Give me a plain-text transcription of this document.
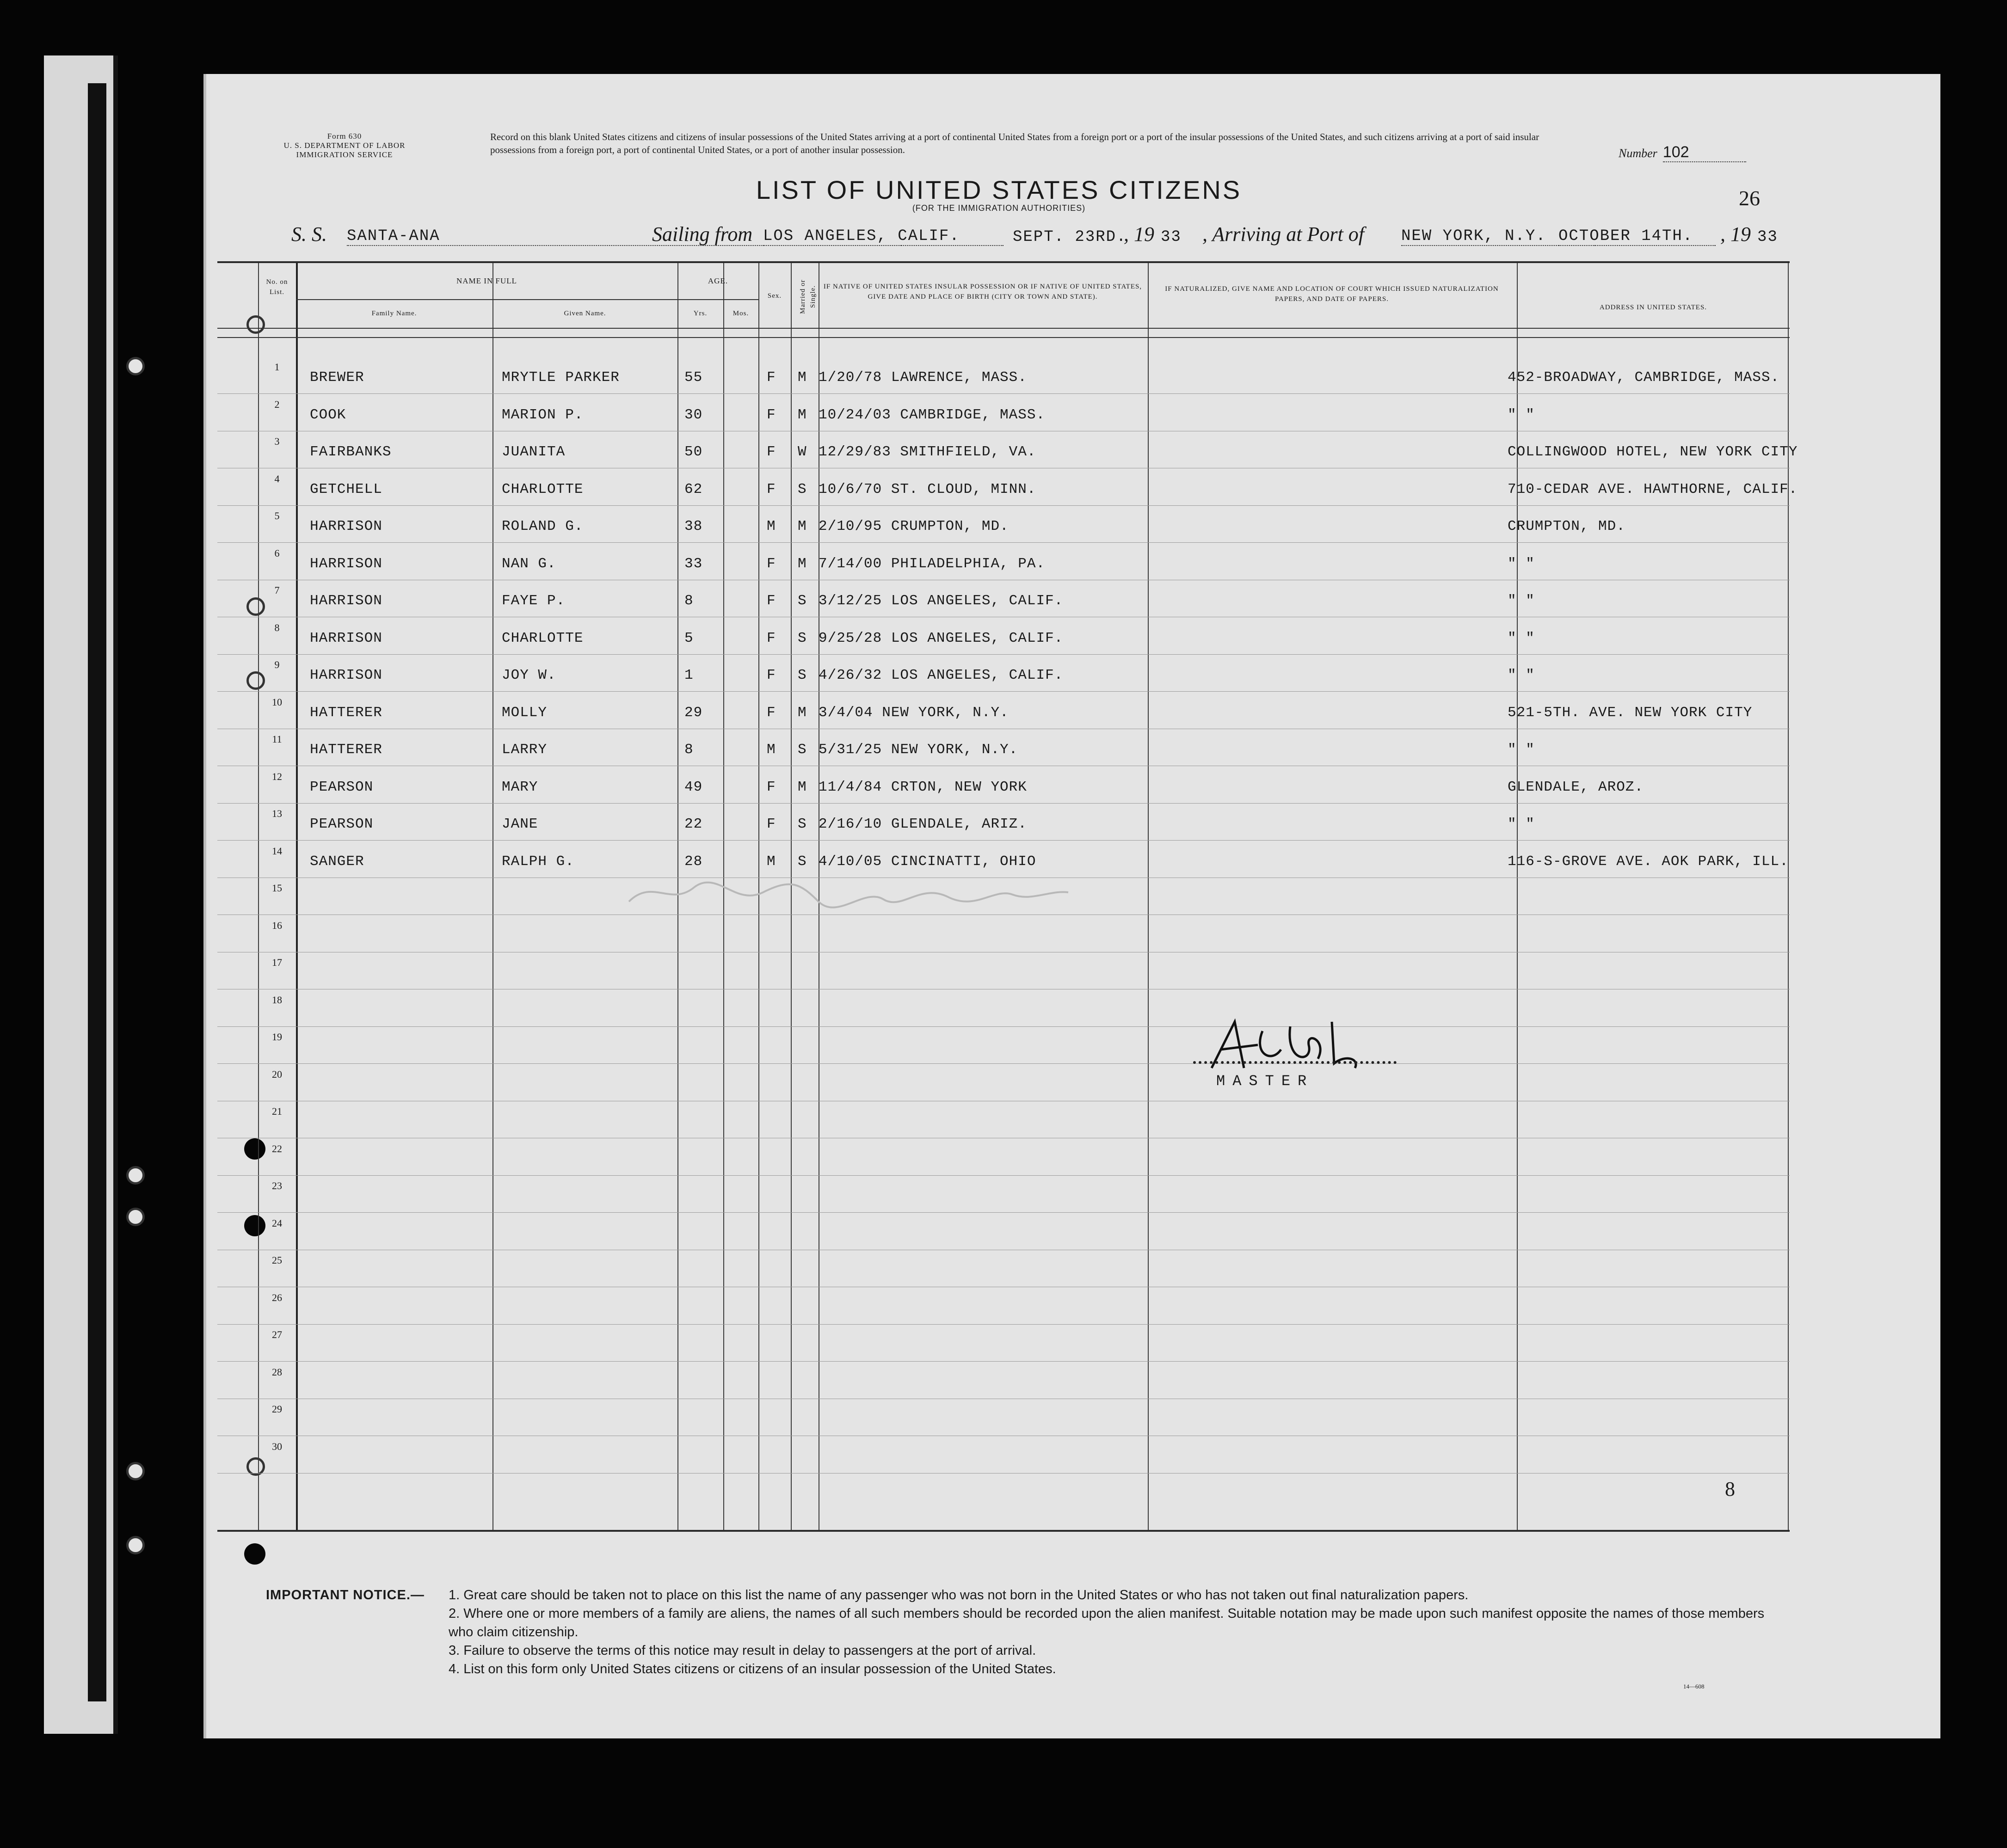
Form 630
U. S. DEPARTMENT OF LABOR
IMMIGRATION SERVICE
Record on this blank United States citizens and citizens of insular possessions of the United States arriving at a port of continental United States from a foreign port or a port of the insular possessions of the United States, and such citizens arriving at a port of said insular possessions from a foreign port, a port of continental United States, or a port of another insular possession.	Number 102
LIST OF UNITED STATES CITIZENS
(FOR THE IMMIGRATION AUTHORITIES)	26
S. S. SANTA-ANA	Sailing from LOS ANGELES, CALIF.	SEPT. 23RD.
, 19 33 , Arriving at Port of NEW YORK, N.Y. OCTOBER 14TH.	, 19 33
No. on List.
NAME IN FULL
Family Name.	Given Name.
AGE.
Yrs.	Mos.
Sex.	Married or Single. IF NATIVE OF UNITED STATES INSULAR POSSESSION OR IF NATIVE OF UNITED STATES, GIVE DATE AND PLACE OF BIRTH (CITY OR TOWN AND STATE).
IF NATURALIZED, GIVE NAME AND LOCATION OF COURT WHICH ISSUED NATURALIZATION PAPERS, AND DATE OF PAPERS.
ADDRESS IN UNITED STATES.
1
BREWER	MRYTLE PARKER	55	F M 1/20/78 LAWRENCE, MASS.	452-BROADWAY, CAMBRIDGE, MASS.
2
COOK	MARION P.	30	F M 10/24/03 CAMBRIDGE, MASS.	" "
3
FAIRBANKS	JUANITA	50	F W 12/29/83 SMITHFIELD, VA.	COLLINGWOOD HOTEL, NEW YORK CITY
4
GETCHELL	CHARLOTTE	62	F S 10/6/70 ST. CLOUD, MINN.	710-CEDAR AVE. HAWTHORNE, CALIF.
5
HARRISON	ROLAND G.	38	M M 2/10/95 CRUMPTON, MD.	CRUMPTON, MD.
6
HARRISON	NAN G.	33	F M 7/14/00 PHILADELPHIA, PA.	" "
7
HARRISON	FAYE P.	8	F S 3/12/25 LOS ANGELES, CALIF.	" "
8
HARRISON	CHARLOTTE	5	F S 9/25/28 LOS ANGELES, CALIF.	" "
9
HARRISON	JOY W.	1	F S 4/26/32 LOS ANGELES, CALIF.	" "
10
HATTERER	MOLLY	29	F M 3/4/04 NEW YORK, N.Y.	521-5TH. AVE. NEW YORK CITY
11
HATTERER	LARRY	8	M S 5/31/25 NEW YORK, N.Y.	" "
12
PEARSON	MARY	49	F M 11/4/84 CRTON, NEW YORK	GLENDALE, AROZ.
13
PEARSON	JANE	22	F S 2/16/10 GLENDALE, ARIZ.	" "
14
SANGER	RALPH G.	28	M S 4/10/05 CINCINATTI, OHIO	116-S-GROVE AVE. AOK PARK, ILL.
15
16
17
18
19
20
21
22
23
24
25
26
27
28
29
30
MASTER
8
IMPORTANT NOTICE.— 1. Great care should be taken not to place on this list the name of any passenger who was not born in the United States or who has not taken out final naturalization papers.
2. Where one or more members of a family are aliens, the names of all such members should be recorded upon the alien manifest. Suitable notation may be made upon such manifest opposite the names of those members who claim citizenship.
3. Failure to observe the terms of this notice may result in delay to passengers at the port of arrival.
4. List on this form only United States citizens or citizens of an insular possession of the United States.
14—608
